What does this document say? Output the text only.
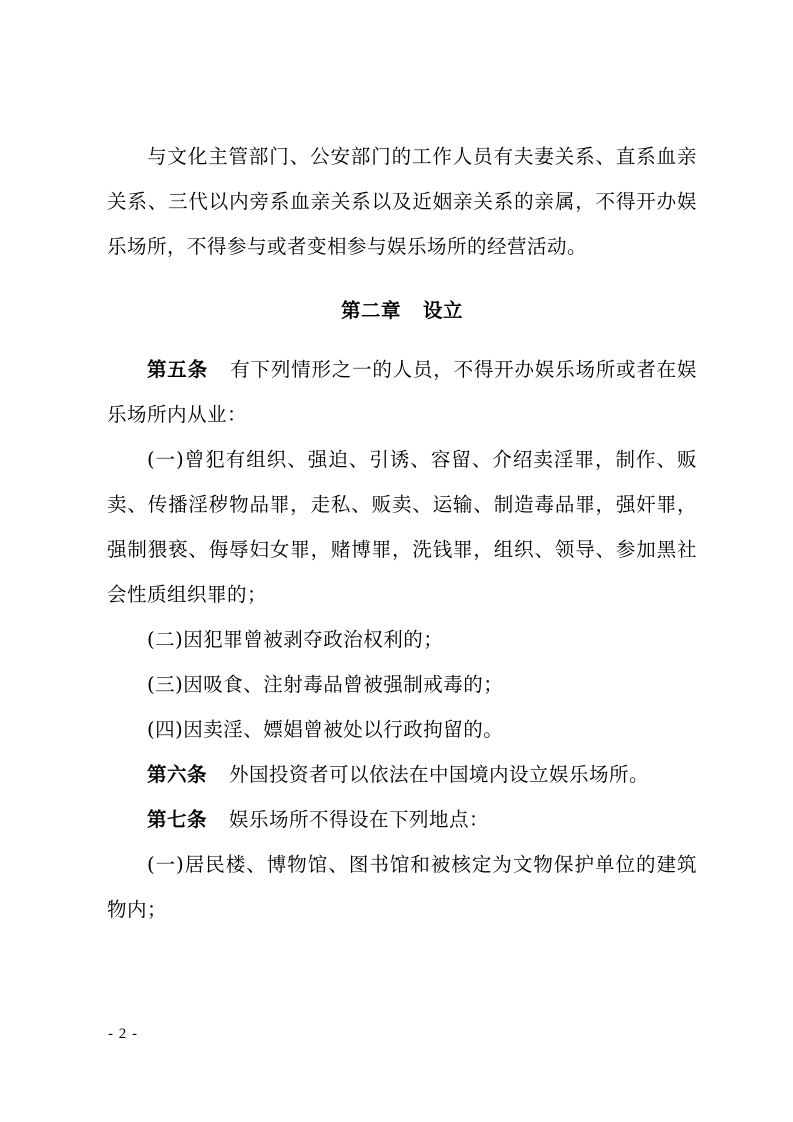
与文化主管部门、公安部门的工作人员有夫妻关系、直系血亲关系、三代以内旁系血亲关系以及近姻亲关系的亲属，不得开办娱乐场所，不得参与或者变相参与娱乐场所的经营活动。

第二章 设立

第五条 有下列情形之一的人员，不得开办娱乐场所或者在娱乐场所内从业：

(一)曾犯有组织、强迫、引诱、容留、介绍卖淫罪，制作、贩卖、传播淫秽物品罪，走私、贩卖、运输、制造毒品罪，强奸罪，强制猥亵、侮辱妇女罪，赌博罪，洗钱罪，组织、领导、参加黑社会性质组织罪的；

(二)因犯罪曾被剥夺政治权利的；

(三)因吸食、注射毒品曾被强制戒毒的；

(四)因卖淫、嫖娼曾被处以行政拘留的。

第六条 外国投资者可以依法在中国境内设立娱乐场所。

第七条 娱乐场所不得设在下列地点：

(一)居民楼、博物馆、图书馆和被核定为文物保护单位的建筑物内；

- 2 -
